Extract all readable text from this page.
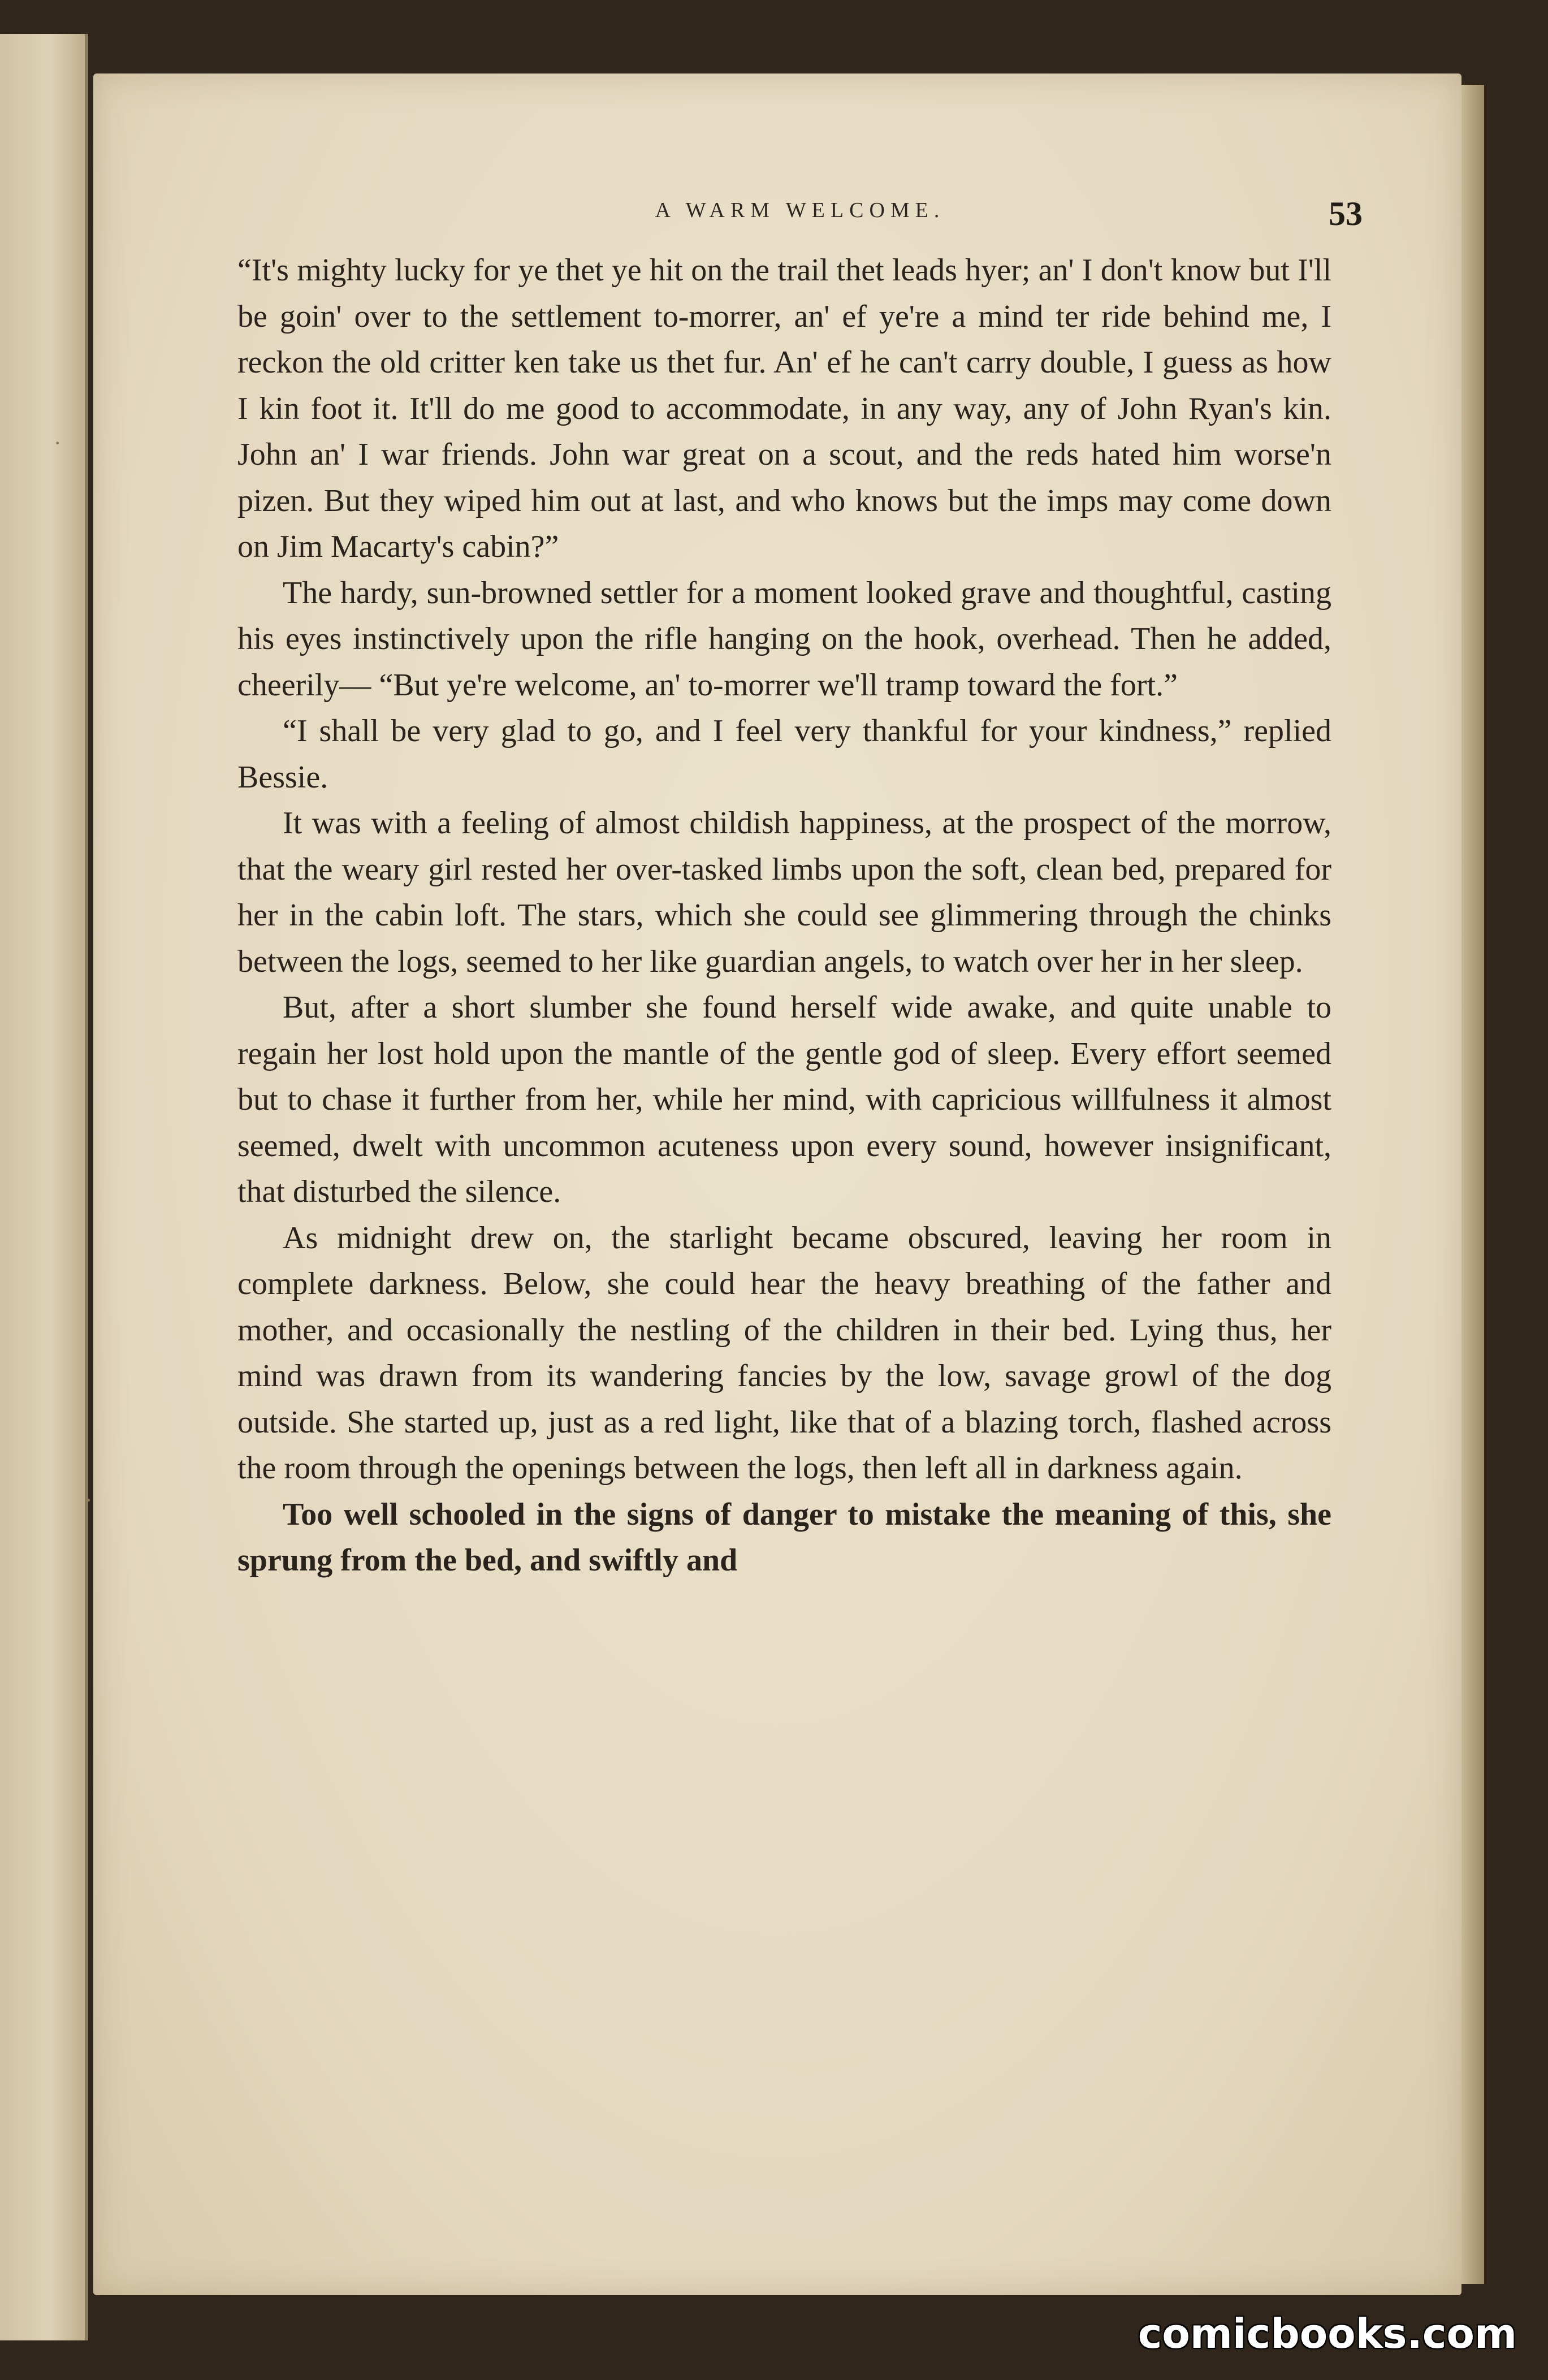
·
·
A WARM WELCOME.	53

“It's mighty lucky for ye thet ye hit on the trail thet leads hyer; an' I don't know but I'll be goin' over to the settlement to-morrer, an' ef ye're a mind ter ride behind me, I reckon the old critter ken take us thet fur. An' ef he can't carry double, I guess as how I kin foot it. It'll do me good to accommodate, in any way, any of John Ryan's kin. John an' I war friends. John war great on a scout, and the reds hated him worse'n pizen. But they wiped him out at last, and who knows but the imps may come down on Jim Macarty's cabin?”

The hardy, sun-browned settler for a moment looked grave and thoughtful, casting his eyes instinctively upon the rifle hanging on the hook, overhead. Then he added, cheerily— “But ye're welcome, an' to-morrer we'll tramp toward the fort.”

“I shall be very glad to go, and I feel very thankful for your kindness,” replied Bessie.

It was with a feeling of almost childish happiness, at the prospect of the morrow, that the weary girl rested her over-tasked limbs upon the soft, clean bed, prepared for her in the cabin loft. The stars, which she could see glimmering through the chinks between the logs, seemed to her like guardian angels, to watch over her in her sleep.

But, after a short slumber she found herself wide awake, and quite unable to regain her lost hold upon the mantle of the gentle god of sleep. Every effort seemed but to chase it further from her, while her mind, with capricious willfulness it almost seemed, dwelt with uncommon acuteness upon every sound, however insignificant, that disturbed the silence.

As midnight drew on, the starlight became obscured, leaving her room in complete darkness. Below, she could hear the heavy breathing of the father and mother, and occasionally the nestling of the children in their bed. Lying thus, her mind was drawn from its wandering fancies by the low, savage growl of the dog outside. She started up, just as a red light, like that of a blazing torch, flashed across the room through the openings between the logs, then left all in darkness again.

Too well schooled in the signs of danger to mistake the meaning of this, she sprung from the bed, and swiftly and

comicbooks.com
